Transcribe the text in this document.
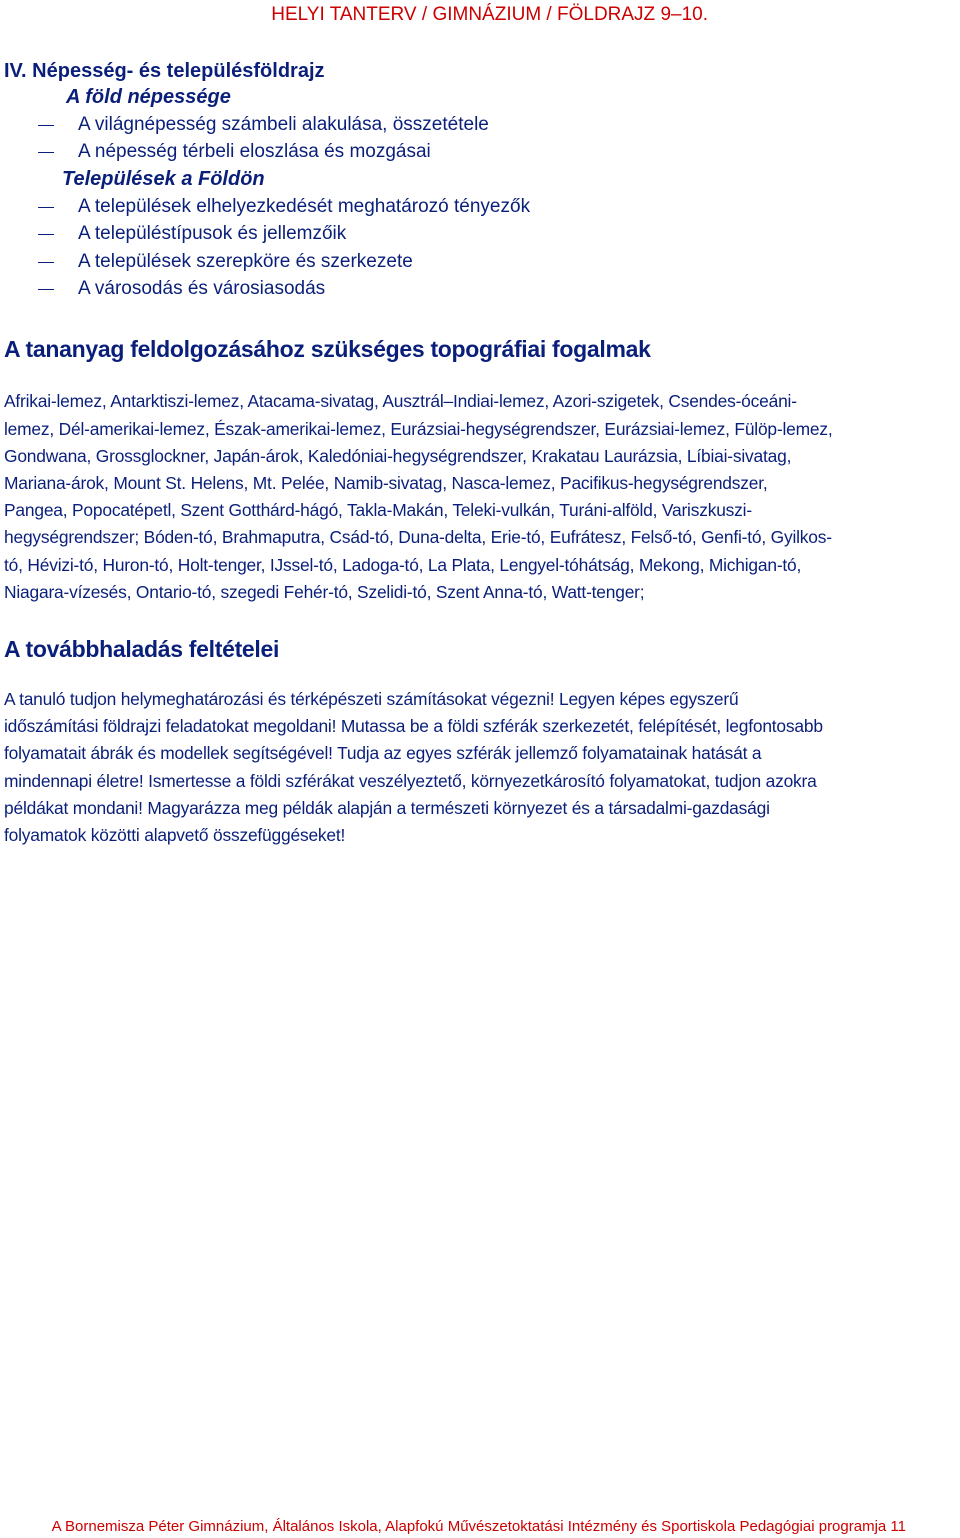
HELYI TANTERV / GIMNÁZIUM / FÖLDRAJZ 9–10.
IV. Népesség- és településföldrajz
A föld népessége
A világnépesség számbeli alakulása, összetétele
A népesség térbeli eloszlása és mozgásai
Települések a Földön
A települések elhelyezkedését meghatározó tényezők
A településtípusok és jellemzőik
A települések szerepköre és szerkezete
A városodás és városiasodás
A tananyag feldolgozásához szükséges topográfiai fogalmak

Afrikai-lemez, Antarktiszi-lemez, Atacama-sivatag, Ausztrál–Indiai-lemez, Azori-szigetek, Csendes-óceáni-
lemez, Dél-amerikai-lemez, Észak-amerikai-lemez, Eurázsiai-hegységrendszer, Eurázsiai-lemez, Fülöp-lemez,
Gondwana, Grossglockner, Japán-árok, Kaledóniai-hegységrendszer, Krakatau Laurázsia, Líbiai-sivatag,
Mariana-árok, Mount St. Helens, Mt. Pelée, Namib-sivatag, Nasca-lemez, Pacifikus-hegységrendszer,
Pangea, Popocatépetl, Szent Gotthárd-hágó, Takla-Makán, Teleki-vulkán, Turáni-alföld, Variszkuszi-
hegységrendszer; Bóden-tó, Brahmaputra, Csád-tó, Duna-delta, Erie-tó, Eufrátesz, Felső-tó, Genfi-tó, Gyilkos-
tó, Hévizi-tó, Huron-tó, Holt-tenger, IJssel-tó, Ladoga-tó, La Plata, Lengyel-tóhátság, Mekong, Michigan-tó,
Niagara-vízesés, Ontario-tó, szegedi Fehér-tó, Szelidi-tó, Szent Anna-tó, Watt-tenger;

A továbbhaladás feltételei

A tanuló tudjon helymeghatározási és térképészeti számításokat végezni! Legyen képes egyszerű
időszámítási földrajzi feladatokat megoldani! Mutassa be a földi szférák szerkezetét, felépítését, legfontosabb
folyamatait ábrák és modellek segítségével! Tudja az egyes szférák jellemző folyamatainak hatását a
mindennapi életre! Ismertesse a földi szférákat veszélyeztető, környezetkárosító folyamatokat, tudjon azokra
példákat mondani! Magyarázza meg példák alapján a természeti környezet és a társadalmi-gazdasági
folyamatok közötti alapvető összefüggéseket!

A Bornemisza Péter Gimnázium, Általános Iskola, Alapfokú Művészetoktatási Intézmény és Sportiskola Pedagógiai programja 11
